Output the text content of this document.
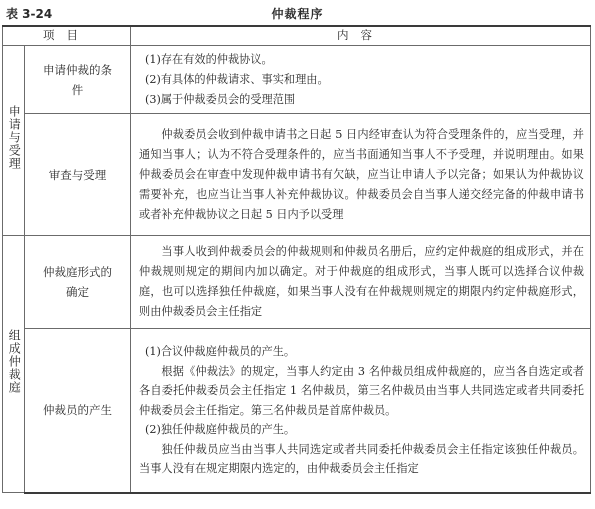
表 3-24	仲裁程序
项目		内容
申请与受理	申请仲裁的条件	(1)存在有效的仲裁协议。

(2)有具体的仲裁请求、事实和理由。

(3)属于仲裁委员会的受理范围

	审查与受理	仲裁委员会收到仲裁申请书之日起 5 日内经审查认为符合受理条件的，应当受理，并通知当事人；认为不符合受理条件的，应当书面通知当事人不予受理，并说明理由。如果仲裁委员会在审查中发现仲裁申请书有欠缺，应当让申请人予以完备；如果认为仲裁协议需要补充，也应当让当事人补充仲裁协议。仲裁委员会自当事人递交经完备的仲裁申请书或者补充仲裁协议之日起 5 日内予以受理

组成仲裁庭	仲裁庭形式的确定	当事人收到仲裁委员会的仲裁规则和仲裁员名册后，应约定仲裁庭的组成形式，并在仲裁规则规定的期间内加以确定。对于仲裁庭的组成形式，当事人既可以选择合议仲裁庭，也可以选择独任仲裁庭，如果当事人没有在仲裁规则规定的期限内约定仲裁庭形式，则由仲裁委员会主任指定

	仲裁员的产生	(1)合议仲裁庭仲裁员的产生。

根据《仲裁法》的规定，当事人约定由 3 名仲裁员组成仲裁庭的，应当各自选定或者各自委托仲裁委员会主任指定 1 名仲裁员，第三名仲裁员由当事人共同选定或者共同委托仲裁委员会主任指定。第三名仲裁员是首席仲裁员。

(2)独任仲裁庭仲裁员的产生。

独任仲裁员应当由当事人共同选定或者共同委托仲裁委员会主任指定该独任仲裁员。当事人没有在规定期限内选定的，由仲裁委员会主任指定
